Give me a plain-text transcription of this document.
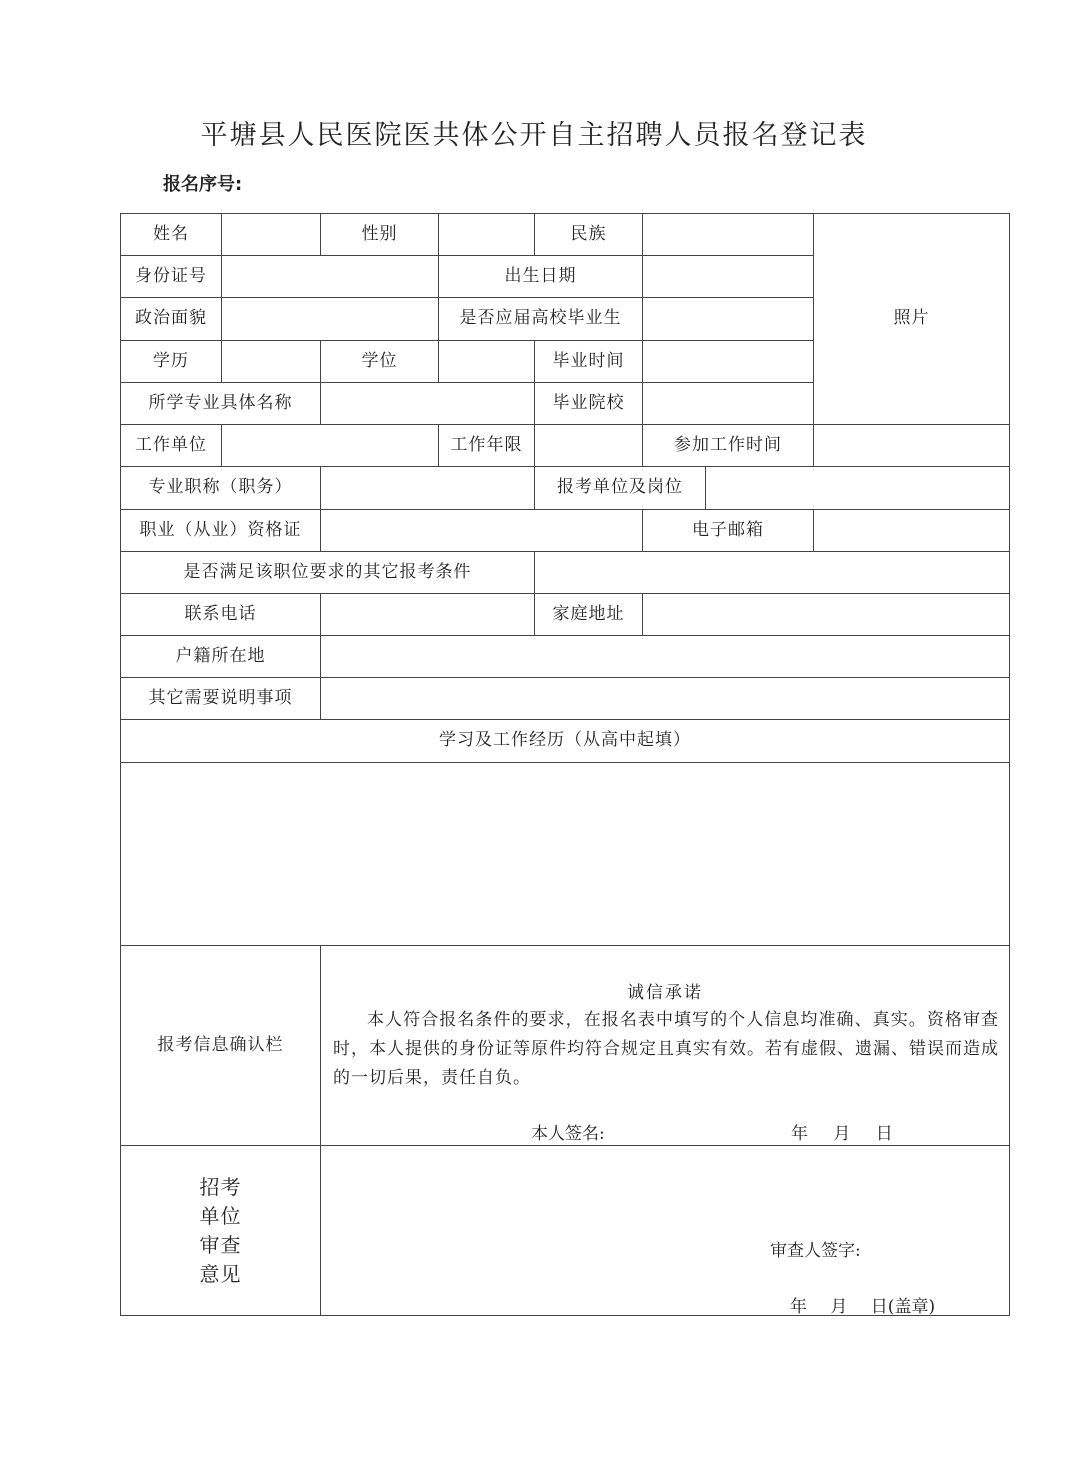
平塘县人民医院医共体公开自主招聘人员报名登记表
报名序号:
姓名	性别	民族
照片
身份证号	出生日期
政治面貌	是否应届高校毕业生
学历	学位	毕业时间
所学专业具体名称	毕业院校
工作单位	工作年限	参加工作时间
专业职称（职务）	报考单位及岗位
职业（从业）资格证	电子邮箱
是否满足该职位要求的其它报考条件
联系电话	家庭地址
户籍所在地
其它需要说明事项
学习及工作经历（从高中起填）
报考信息确认栏
诚信承诺
本人符合报名条件的要求，在报名表中填写的个人信息均准确、真实。资格审查时，本人提供的身份证等原件均符合规定且真实有效。若有虚假、遗漏、错误而造成的一切后果，责任自负。
本人签名:	年 月 日
招考
单位
审查
意见
审查人签字:
年 月 日(盖章)
